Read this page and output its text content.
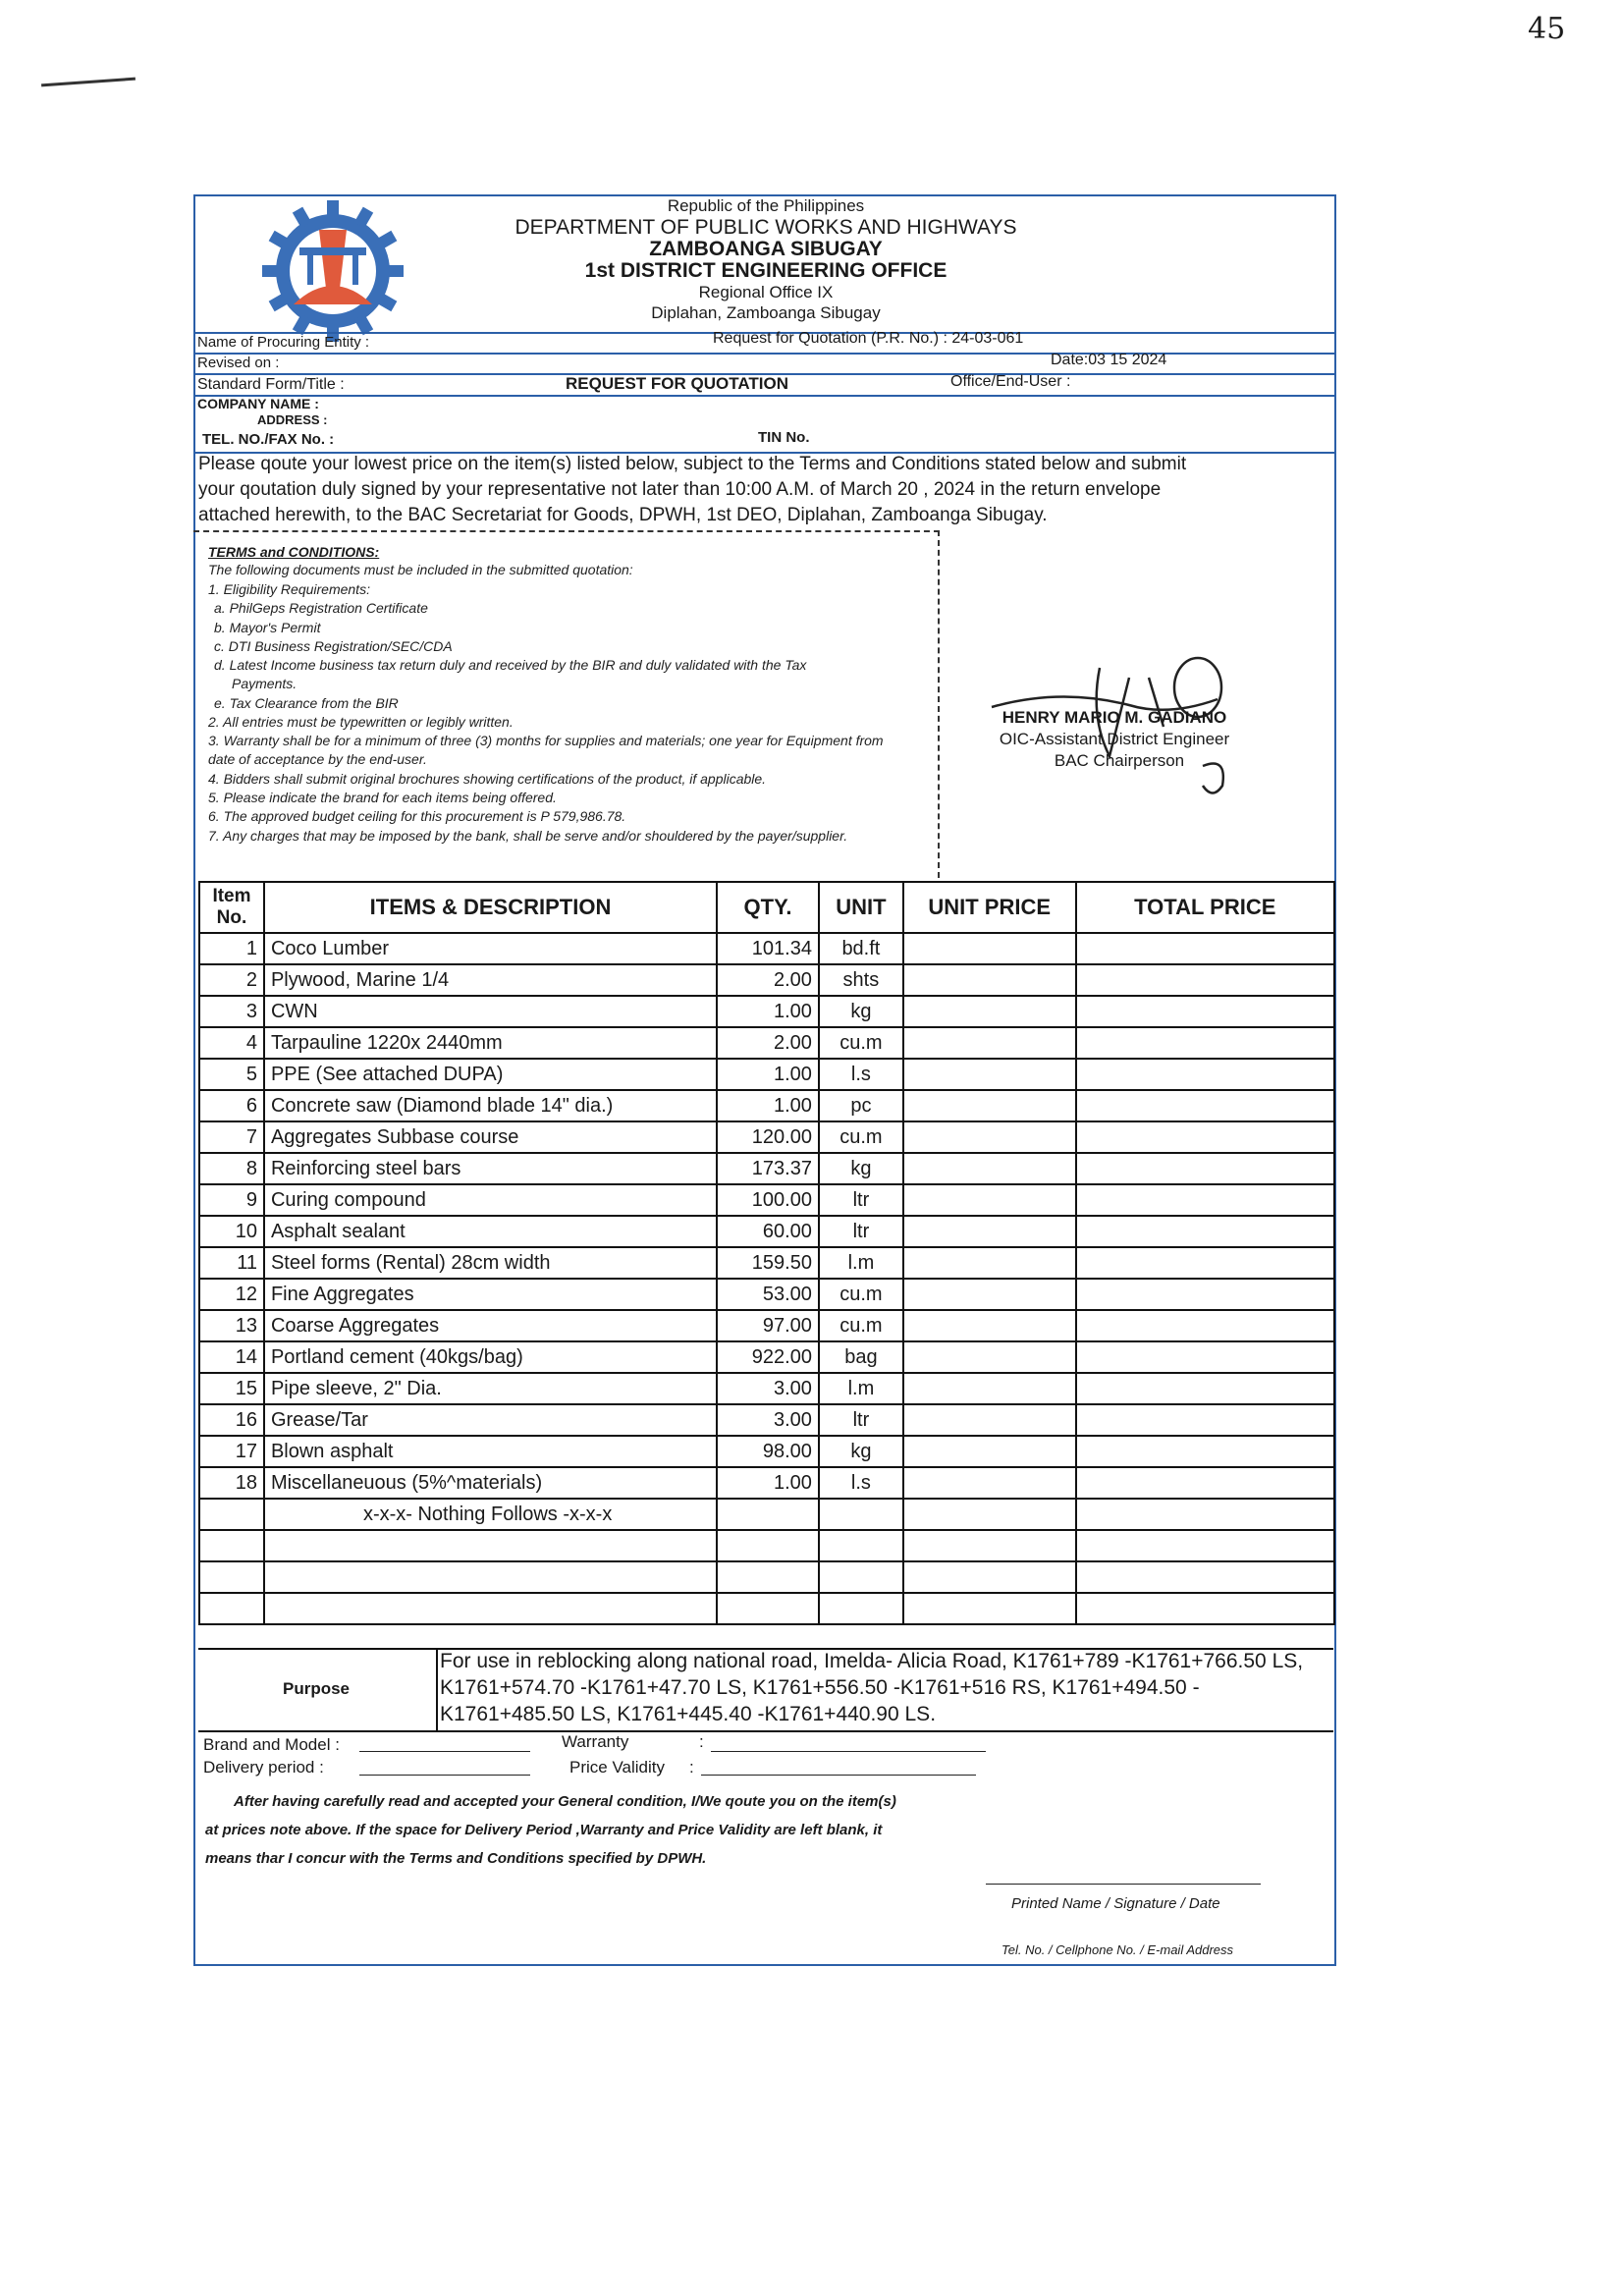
45
Republic of the Philippines
DEPARTMENT OF PUBLIC WORKS AND HIGHWAYS
ZAMBOANGA SIBUGAY
1st DISTRICT ENGINEERING OFFICE
Regional Office IX
Diplahan, Zamboanga Sibugay
Name of Procuring Entity :	Request for Quotation (P.R. No.) : 24-03-061
Revised on :	Date:03 15 2024
Standard Form/Title :	REQUEST FOR QUOTATION	Office/End-User :
COMPANY NAME :
ADDRESS :
TEL. NO./FAX No. :	TIN No.
Please qoute your lowest price on the item(s) listed below, subject to the Terms and Conditions stated below and submit
your qoutation duly signed by your representative not later than 10:00 A.M. of March 20 , 2024 in the return envelope
attached herewith, to the BAC Secretariat for Goods, DPWH, 1st DEO, Diplahan, Zamboanga Sibugay.
TERMS and CONDITIONS:
The following documents must be included in the submitted quotation:
1. Eligibility Requirements:
a. PhilGeps Registration Certificate
b. Mayor's Permit
c. DTI Business Registration/SEC/CDA
d. Latest Income business tax return duly and received by the BIR and duly validated with the Tax
Payments.
e. Tax Clearance from the BIR
2. All entries must be typewritten or legibly written.
3. Warranty shall be for a minimum of three (3) months for supplies and materials; one year for Equipment from
date of acceptance by the end-user.
4. Bidders shall submit original brochures showing certifications of the product, if applicable.
5. Please indicate the brand for each items being offered.
6. The approved budget ceiling for this procurement is P 579,986.78.
7. Any charges that may be imposed by the bank, shall be serve and/or shouldered by the payer/supplier.
HENRY MARIO M. GADIANO
OIC-Assistant District Engineer
BAC Chairperson
Item No.	ITEMS & DESCRIPTION	QTY.	UNIT	UNIT PRICE	TOTAL PRICE
1	Coco Lumber	101.34	bd.ft		
2	Plywood, Marine 1/4	2.00	shts		
3	CWN	1.00	kg		
4	Tarpauline 1220x 2440mm	2.00	cu.m		
5	PPE (See attached DUPA)	1.00	l.s		
6	Concrete saw (Diamond blade 14" dia.)	1.00	pc		
7	Aggregates Subbase course	120.00	cu.m		
8	Reinforcing steel bars	173.37	kg		
9	Curing compound	100.00	ltr		
10	Asphalt sealant	60.00	ltr		
11	Steel forms (Rental) 28cm width	159.50	l.m		
12	Fine Aggregates	53.00	cu.m		
13	Coarse Aggregates	97.00	cu.m		
14	Portland cement (40kgs/bag)	922.00	bag		
15	Pipe sleeve, 2" Dia.	3.00	l.m		
16	Grease/Tar	3.00	ltr		
17	Blown asphalt	98.00	kg		
18	Miscellaneuous (5%^materials)	1.00	l.s		
	x-x-x- Nothing Follows -x-x-x				

Purpose
For use in reblocking along national road, Imelda- Alicia Road, K1761+789 -K1761+766.50 LS,
K1761+574.70 -K1761+47.70 LS, K1761+556.50 -K1761+516 RS, K1761+494.50 -
K1761+485.50 LS, K1761+445.40 -K1761+440.90 LS.
Brand and Model :	Warranty	:
Delivery period :	Price Validity :
After having carefully read and accepted your General condition, I/We qoute you on the item(s)
at prices note above. If the space for Delivery Period ,Warranty and Price Validity are left blank, it
means thar I concur with the Terms and Conditions specified by DPWH.
Printed Name / Signature / Date
Tel. No. / Cellphone No. / E-mail Address
